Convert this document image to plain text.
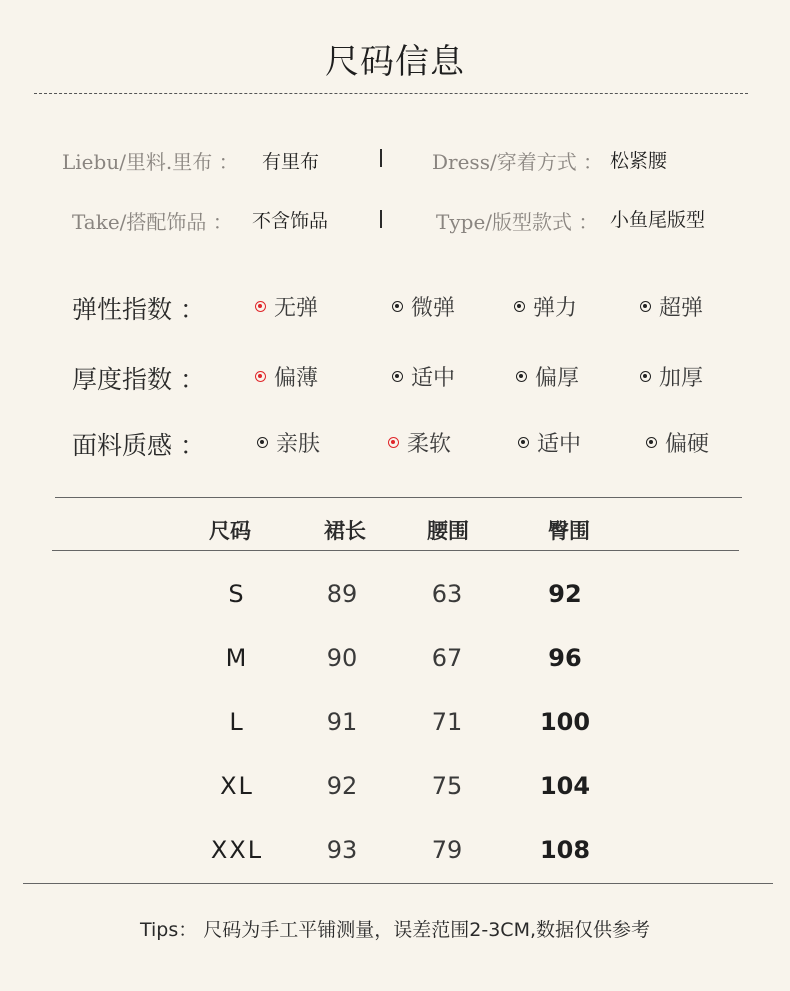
尺码信息
Liebu/里料.里布 ： 有里布	Dress/穿着方式 ： 松紧腰
Take/搭配饰品 ： 不含饰品	Type/版型款式 ： 小鱼尾版型
弹性指数 ：	无弹	微弹	弹力	超弹
厚度指数 ：	偏薄	适中	偏厚	加厚
面料质感 ：	亲肤	柔软	适中	偏硬
尺码	裙长	腰围	臀围
S	89	63	92
M	90	67	96
L	91	71	100
XL	92	75	104
XXL	93	79	108
Tips： 尺码为手工平铺测量，误差范围2-3CM,数据仅供参考
